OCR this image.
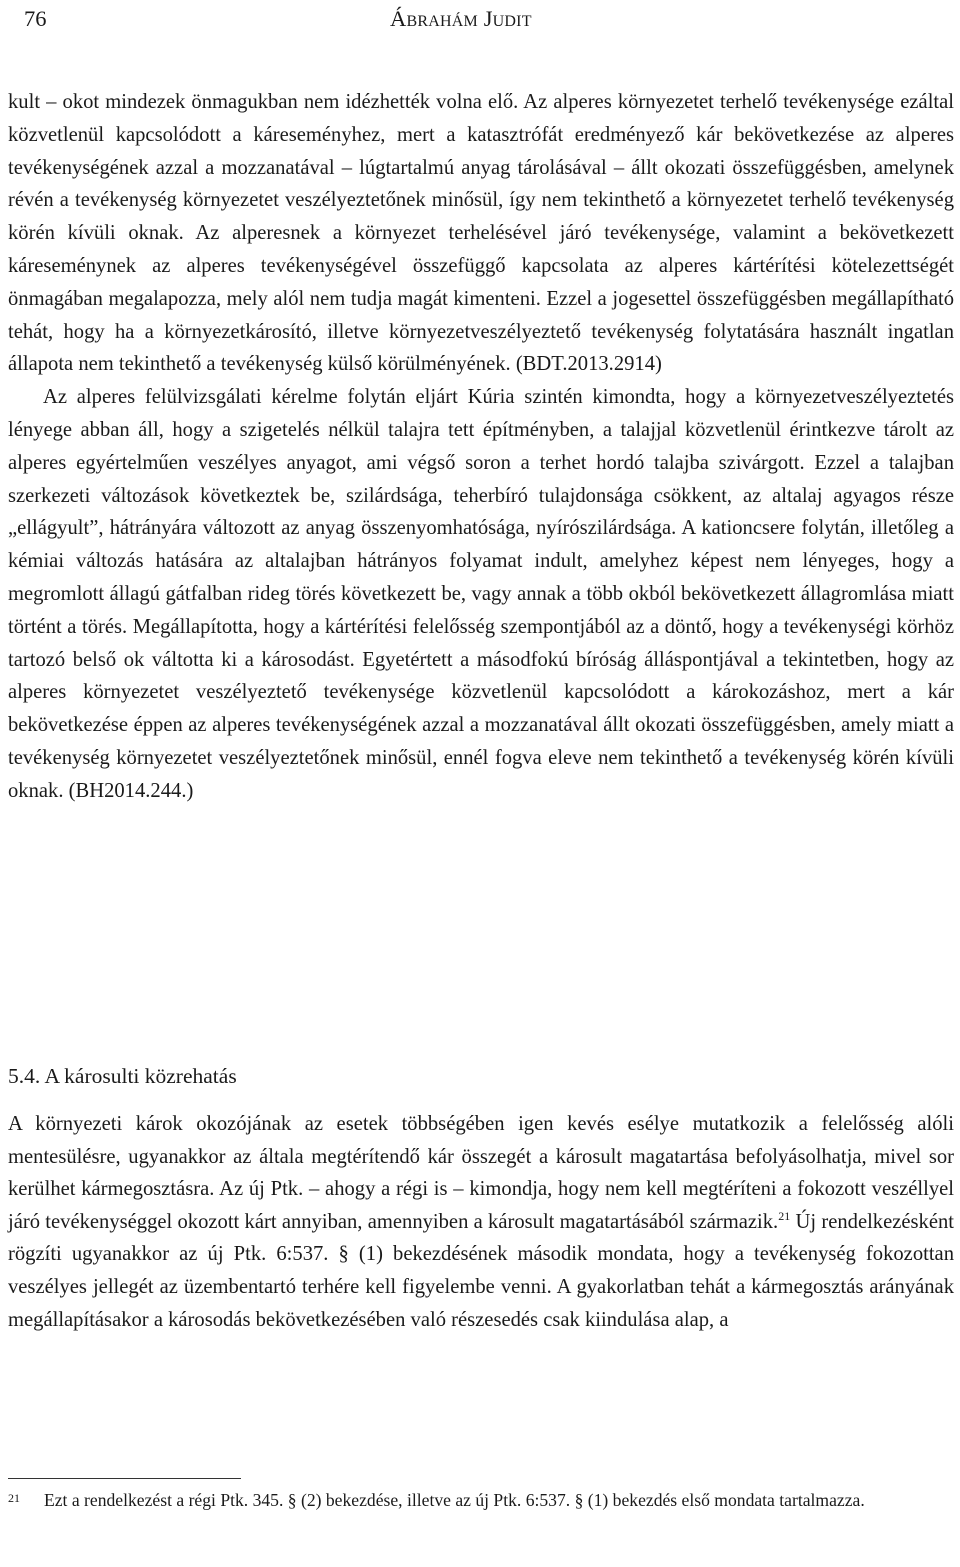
76	Ábrahám Judit

kult – okot mindezek önmagukban nem idézhették volna elő. Az alperes környezetet terhelő tevékenysége ezáltal közvetlenül kapcsolódott a káreseményhez, mert a katasztrófát eredményező kár bekövetkezése az alperes tevékenységének azzal a mozzanatával – lúgtartalmú anyag tárolásával – állt okozati összefüggésben, amelynek révén a tevékenység környezetet veszélyeztetőnek minősül, így nem tekinthető a környezetet terhelő tevékenység körén kívüli oknak. Az alperesnek a környezet terhelésével járó tevékenysége, valamint a bekövetkezett káreseménynek az alperes tevékenységével összefüggő kapcsolata az alperes kártérítési kötelezettségét önmagában megalapozza, mely alól nem tudja magát kimenteni. Ezzel a jogesettel összefüggésben megállapítható tehát, hogy ha a környezetkárosító, illetve környezetveszélyeztető tevékenység folytatására használt ingatlan állapota nem tekinthető a tevékenység külső körülményének. (BDT.2013.2914)

Az alperes felülvizsgálati kérelme folytán eljárt Kúria szintén kimondta, hogy a környezetveszélyeztetés lényege abban áll, hogy a szigetelés nélkül talajra tett építményben, a talajjal közvetlenül érintkezve tárolt az alperes egyértelműen veszélyes anyagot, ami végső soron a terhet hordó talajba szivárgott. Ezzel a talajban szerkezeti változások következtek be, szilárdsága, teherbíró tulajdonsága csökkent, az altalaj agyagos része „ellágyult”, hátrányára változott az anyag összenyomhatósága, nyírószilárdsága. A kationcsere folytán, illetőleg a kémiai változás hatására az altalajban hátrányos folyamat indult, amelyhez képest nem lényeges, hogy a megromlott állagú gátfalban rideg törés következett be, vagy annak a több okból bekövetkezett állagromlása miatt történt a törés. Megállapította, hogy a kártérítési felelősség szempontjából az a döntő, hogy a tevékenységi körhöz tartozó belső ok váltotta ki a károsodást. Egyetértett a másodfokú bíróság álláspontjával a tekintetben, hogy az alperes környezetet veszélyeztető tevékenysége közvetlenül kapcsolódott a károkozáshoz, mert a kár bekövetkezése éppen az alperes tevékenységének azzal a mozzanatával állt okozati összefüggésben, amely miatt a tevékenység környezetet veszélyeztetőnek minősül, ennél fogva eleve nem tekinthető a tevékenység körén kívüli oknak. (BH2014.244.)

5.4. A károsulti közrehatás

A környezeti károk okozójának az esetek többségében igen kevés esélye mutatkozik a felelősség alóli mentesülésre, ugyanakkor az általa megtérítendő kár összegét a károsult magatartása befolyásolhatja, mivel sor kerülhet kármegosztásra. Az új Ptk. – ahogy a régi is – kimondja, hogy nem kell megtéríteni a fokozott veszéllyel járó tevékenységgel okozott kárt annyiban, amennyiben a károsult magatartásából származik.$^{21}$ Új rendelkezésként rögzíti ugyanakkor az új Ptk. 6:537. § (1) bekezdésének második mondata, hogy a tevékenység fokozottan veszélyes jellegét az üzembentartó terhére kell figyelembe venni. A gyakorlatban tehát a kármegosztás arányának megállapításakor a károsodás bekövetkezésében való részesedés csak kiindulása alap, a

21 Ezt a rendelkezést a régi Ptk. 345. § (2) bekezdése, illetve az új Ptk. 6:537. § (1) bekezdés első mondata tartalmazza.
